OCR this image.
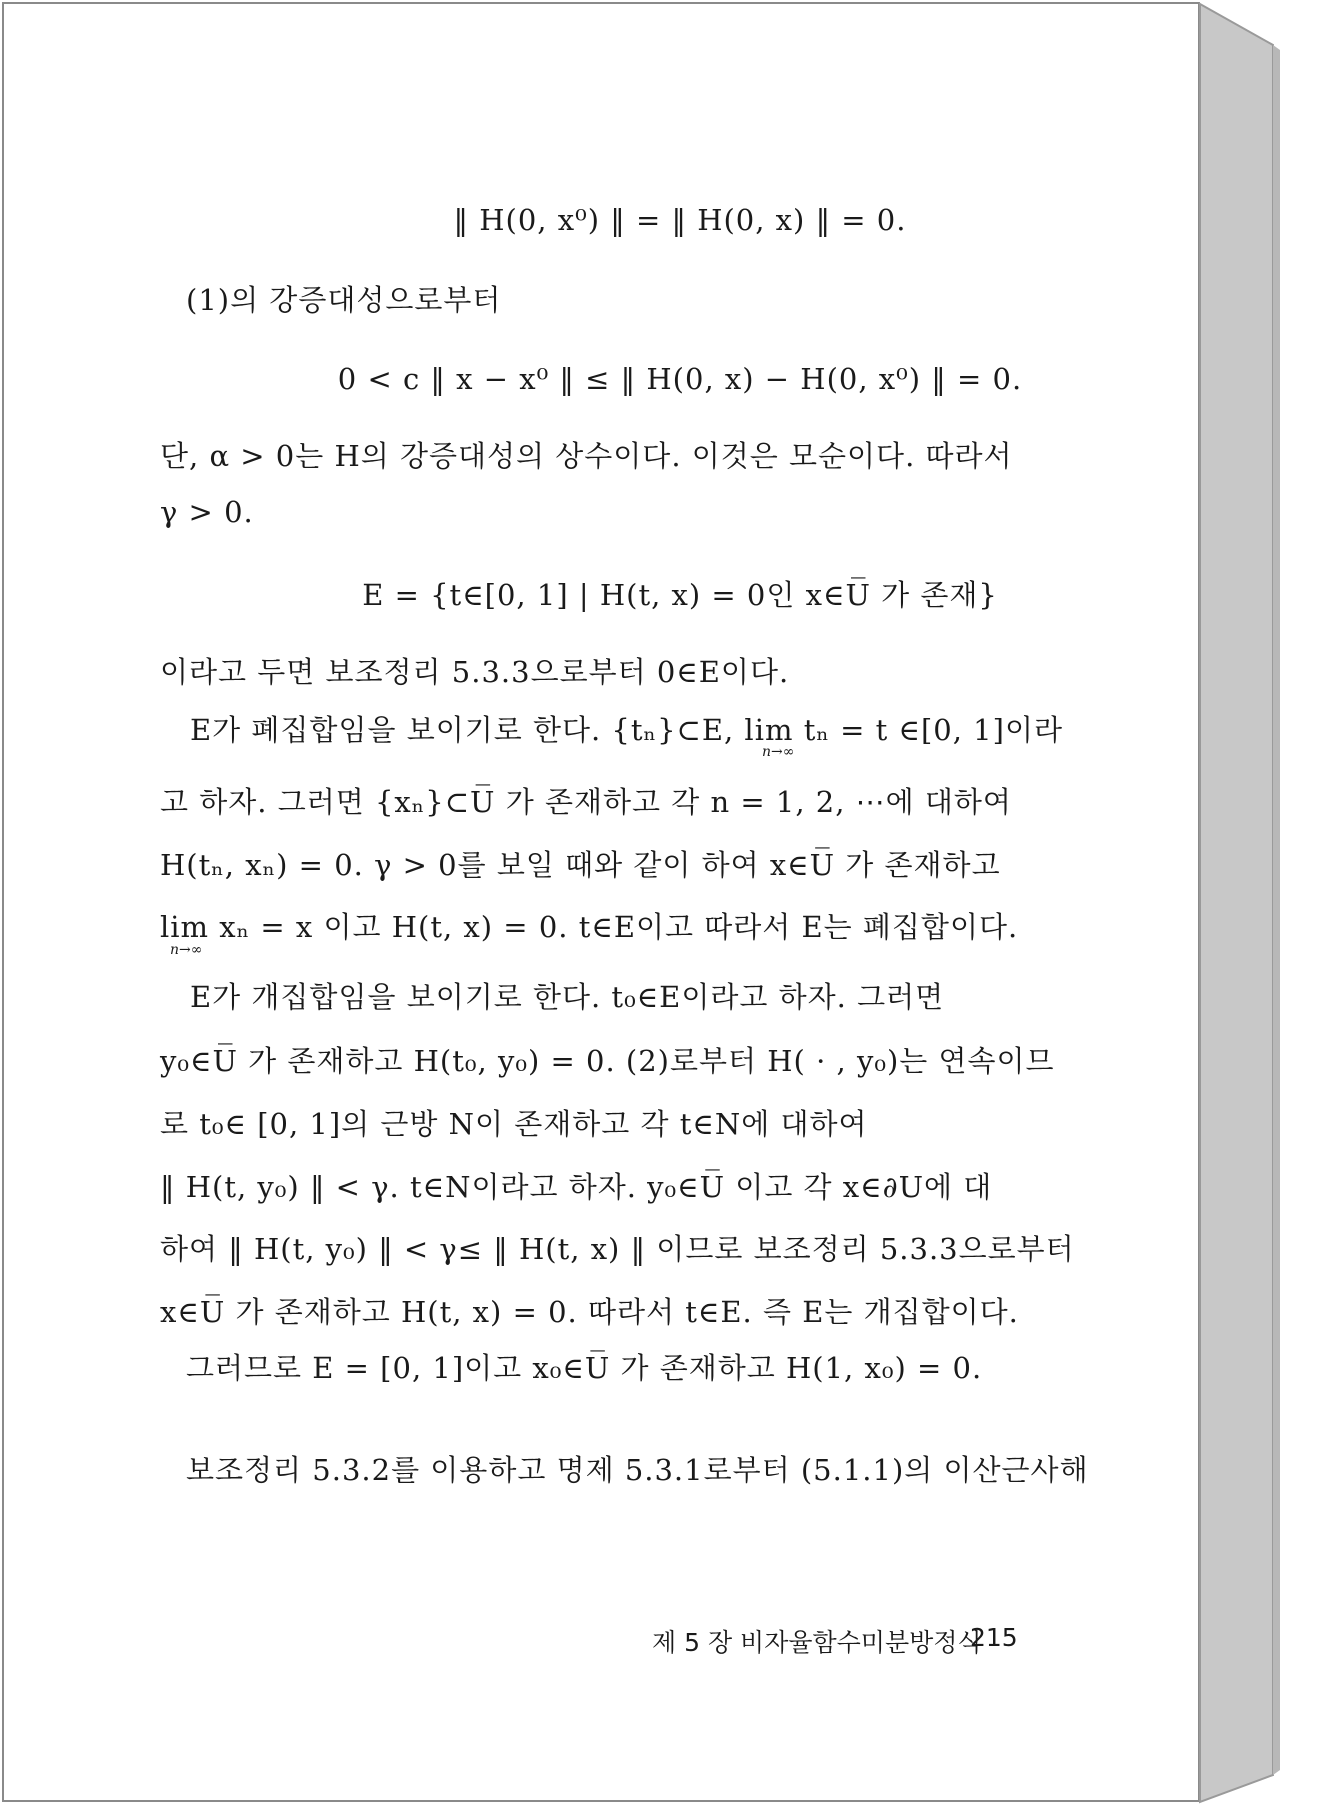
‖ H(0, x⁰) ‖ = ‖ H(0, x) ‖ = 0.
(1)의 강증대성으로부터
0 < c ‖ x − x⁰ ‖ ≤ ‖ H(0, x) − H(0, x⁰) ‖ = 0.
단, α > 0는 H의 강증대성의 상수이다. 이것은 모순이다. 따라서
γ > 0.
E = {t∈[0, 1] | H(t, x) = 0인 x∈U̅ 가 존재}
이라고 두면 보조정리 5.3.3으로부터 0∈E이다.
E가 폐집합임을 보이기로 한다. {tₙ}⊂E, lim tₙ = t ∈[0, 1]이라
n→∞
고 하자. 그러면 {xₙ}⊂U̅ 가 존재하고 각 n = 1, 2, ⋯에 대하여
H(tₙ, xₙ) = 0. γ > 0를 보일 때와 같이 하여 x∈U̅ 가 존재하고
lim xₙ = x 이고 H(t, x) = 0. t∈E이고 따라서 E는 폐집합이다.
n→∞
E가 개집합임을 보이기로 한다. t₀∈E이라고 하자. 그러면
y₀∈U̅ 가 존재하고 H(t₀, y₀) = 0. (2)로부터 H( · , y₀)는 연속이므
로 t₀∈ [0, 1]의 근방 N이 존재하고 각 t∈N에 대하여
‖ H(t, y₀) ‖ < γ. t∈N이라고 하자. y₀∈U̅ 이고 각 x∈∂U에 대
하여 ‖ H(t, y₀) ‖ < γ≤ ‖ H(t, x) ‖ 이므로 보조정리 5.3.3으로부터
x∈U̅ 가 존재하고 H(t, x) = 0. 따라서 t∈E. 즉 E는 개집합이다.
그러므로 E = [0, 1]이고 x₀∈U̅ 가 존재하고 H(1, x₀) = 0.
보조정리 5.3.2를 이용하고 명제 5.3.1로부터 (5.1.1)의 이산근사해
제 5 장 비자율함수미분방정식
215
